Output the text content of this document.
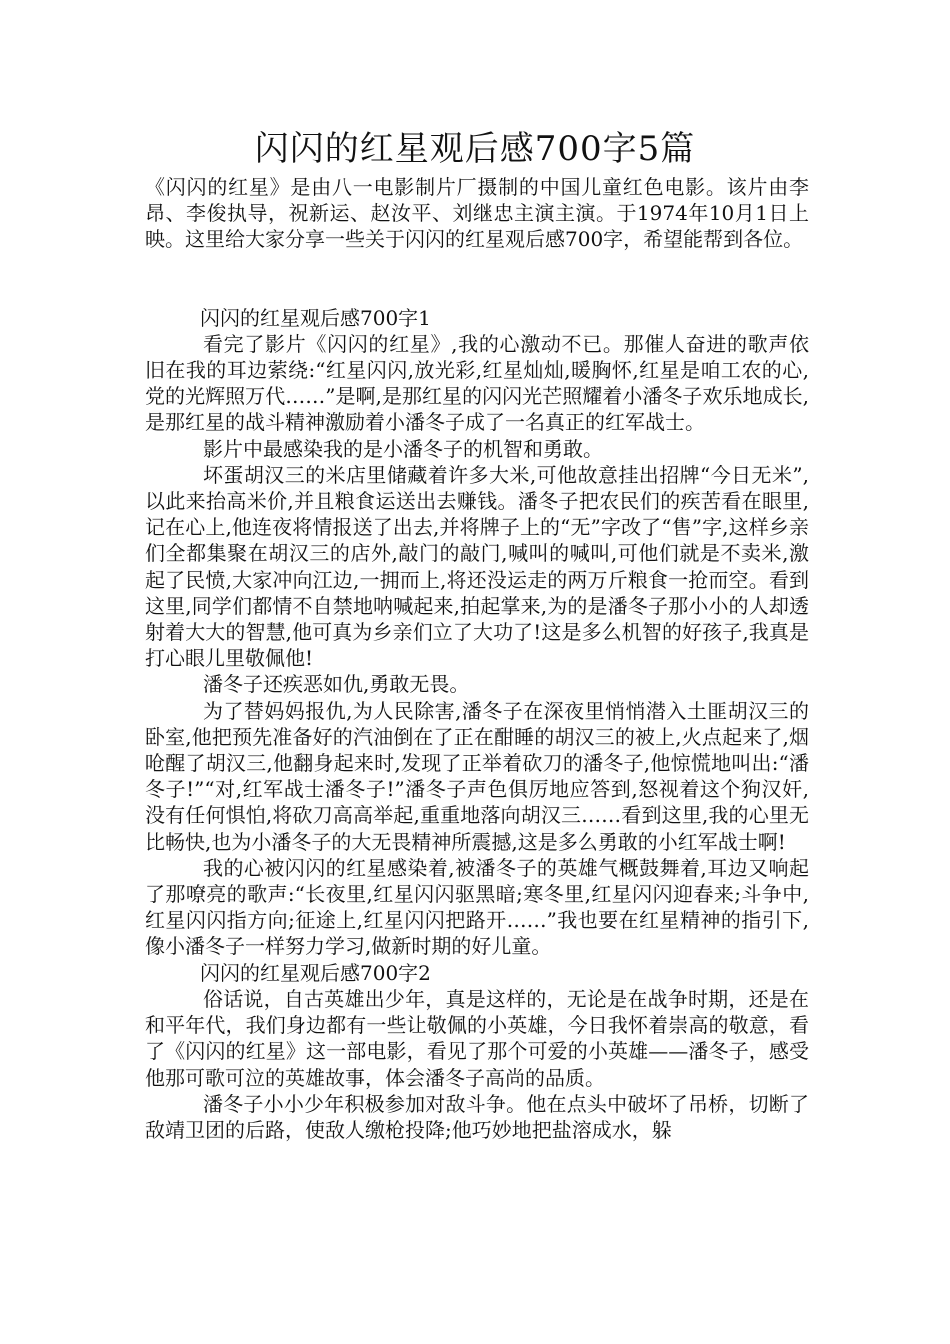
闪闪的红星观后感700字5篇

《闪闪的红星》是由八一电影制片厂摄制的中国儿童红色电影。该片由李昂、李俊执导，祝新运、赵汝平、刘继忠主演主演。于1974年10月1日上映。这里给大家分享一些关于闪闪的红星观后感700字，希望能帮到各位。

闪闪的红星观后感700字1

看完了影片《闪闪的红星》,我的心激动不已。那催人奋进的歌声依旧在我的耳边萦绕:“红星闪闪,放光彩,红星灿灿,暖胸怀,红星是咱工农的心,党的光辉照万代……”是啊,是那红星的闪闪光芒照耀着小潘冬子欢乐地成长,是那红星的战斗精神激励着小潘冬子成了一名真正的红军战士。

影片中最感染我的是小潘冬子的机智和勇敢。

坏蛋胡汉三的米店里储藏着许多大米,可他故意挂出招牌“今日无米”,以此来抬高米价,并且粮食运送出去赚钱。潘冬子把农民们的疾苦看在眼里,记在心上,他连夜将情报送了出去,并将牌子上的“无”字改了“售”字,这样乡亲们全都集聚在胡汉三的店外,敲门的敲门,喊叫的喊叫,可他们就是不卖米,激起了民愤,大家冲向江边,一拥而上,将还没运走的两万斤粮食一抢而空。看到这里,同学们都情不自禁地呐喊起来,拍起掌来,为的是潘冬子那小小的人却透射着大大的智慧,他可真为乡亲们立了大功了!这是多么机智的好孩子,我真是打心眼儿里敬佩他!

潘冬子还疾恶如仇,勇敢无畏。

为了替妈妈报仇,为人民除害,潘冬子在深夜里悄悄潜入土匪胡汉三的卧室,他把预先准备好的汽油倒在了正在酣睡的胡汉三的被上,火点起来了,烟呛醒了胡汉三,他翻身起来时,发现了正举着砍刀的潘冬子,他惊慌地叫出:“潘冬子!”“对,红军战士潘冬子!”潘冬子声色俱厉地应答到,怒视着这个狗汉奸,没有任何惧怕,将砍刀高高举起,重重地落向胡汉三……看到这里,我的心里无比畅快,也为小潘冬子的大无畏精神所震撼,这是多么勇敢的小红军战士啊!

我的心被闪闪的红星感染着,被潘冬子的英雄气概鼓舞着,耳边又响起了那嘹亮的歌声:“长夜里,红星闪闪驱黑暗;寒冬里,红星闪闪迎春来;斗争中,红星闪闪指方向;征途上,红星闪闪把路开……”我也要在红星精神的指引下,像小潘冬子一样努力学习,做新时期的好儿童。

闪闪的红星观后感700字2

俗话说，自古英雄出少年，真是这样的，无论是在战争时期，还是在和平年代，我们身边都有一些让敬佩的小英雄，今日我怀着崇高的敬意，看了《闪闪的红星》这一部电影，看见了那个可爱的小英雄——潘冬子，感受他那可歌可泣的英雄故事，体会潘冬子高尚的品质。

潘冬子小小少年积极参加对敌斗争。他在点头中破坏了吊桥，切断了敌靖卫团的后路，使敌人缴枪投降;他巧妙地把盐溶成水，躲
